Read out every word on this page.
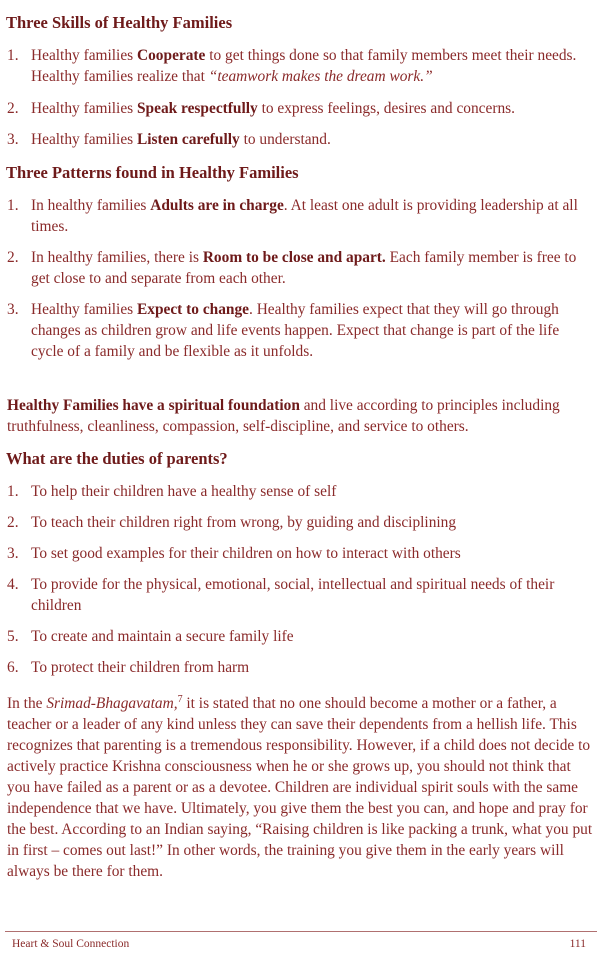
Three Skills of Healthy Families
1. Healthy families Cooperate to get things done so that family members meet their needs. Healthy families realize that “teamwork makes the dream work.”
2. Healthy families Speak respectfully to express feelings, desires and concerns.
3. Healthy families Listen carefully to understand.
Three Patterns found in Healthy Families
1. In healthy families Adults are in charge. At least one adult is providing leadership at all times.
2. In healthy families, there is Room to be close and apart. Each family member is free to get close to and separate from each other.
3. Healthy families Expect to change. Healthy families expect that they will go through changes as children grow and life events happen. Expect that change is part of the life cycle of a family and be flexible as it unfolds.
Healthy Families have a spiritual foundation and live according to principles including truthfulness, cleanliness, compassion, self-discipline, and service to others.
What are the duties of parents?
1. To help their children have a healthy sense of self
2. To teach their children right from wrong, by guiding and disciplining
3. To set good examples for their children on how to interact with others
4. To provide for the physical, emotional, social, intellectual and spiritual needs of their children
5. To create and maintain a secure family life
6. To protect their children from harm
In the Srimad-Bhagavatam,$^7$ it is stated that no one should become a mother or a father, a teacher or a leader of any kind unless they can save their dependents from a hellish life. This recognizes that parenting is a tremendous responsibility. However, if a child does not decide to actively practice Krishna consciousness when he or she grows up, you should not think that you have failed as a parent or as a devotee. Children are individual spirit souls with the same independence that we have. Ultimately, you give them the best you can, and hope and pray for the best. According to an Indian saying, “Raising children is like packing a trunk, what you put in first – comes out last!” In other words, the training you give them in the early years will always be there for them.
Heart & Soul Connection	111
